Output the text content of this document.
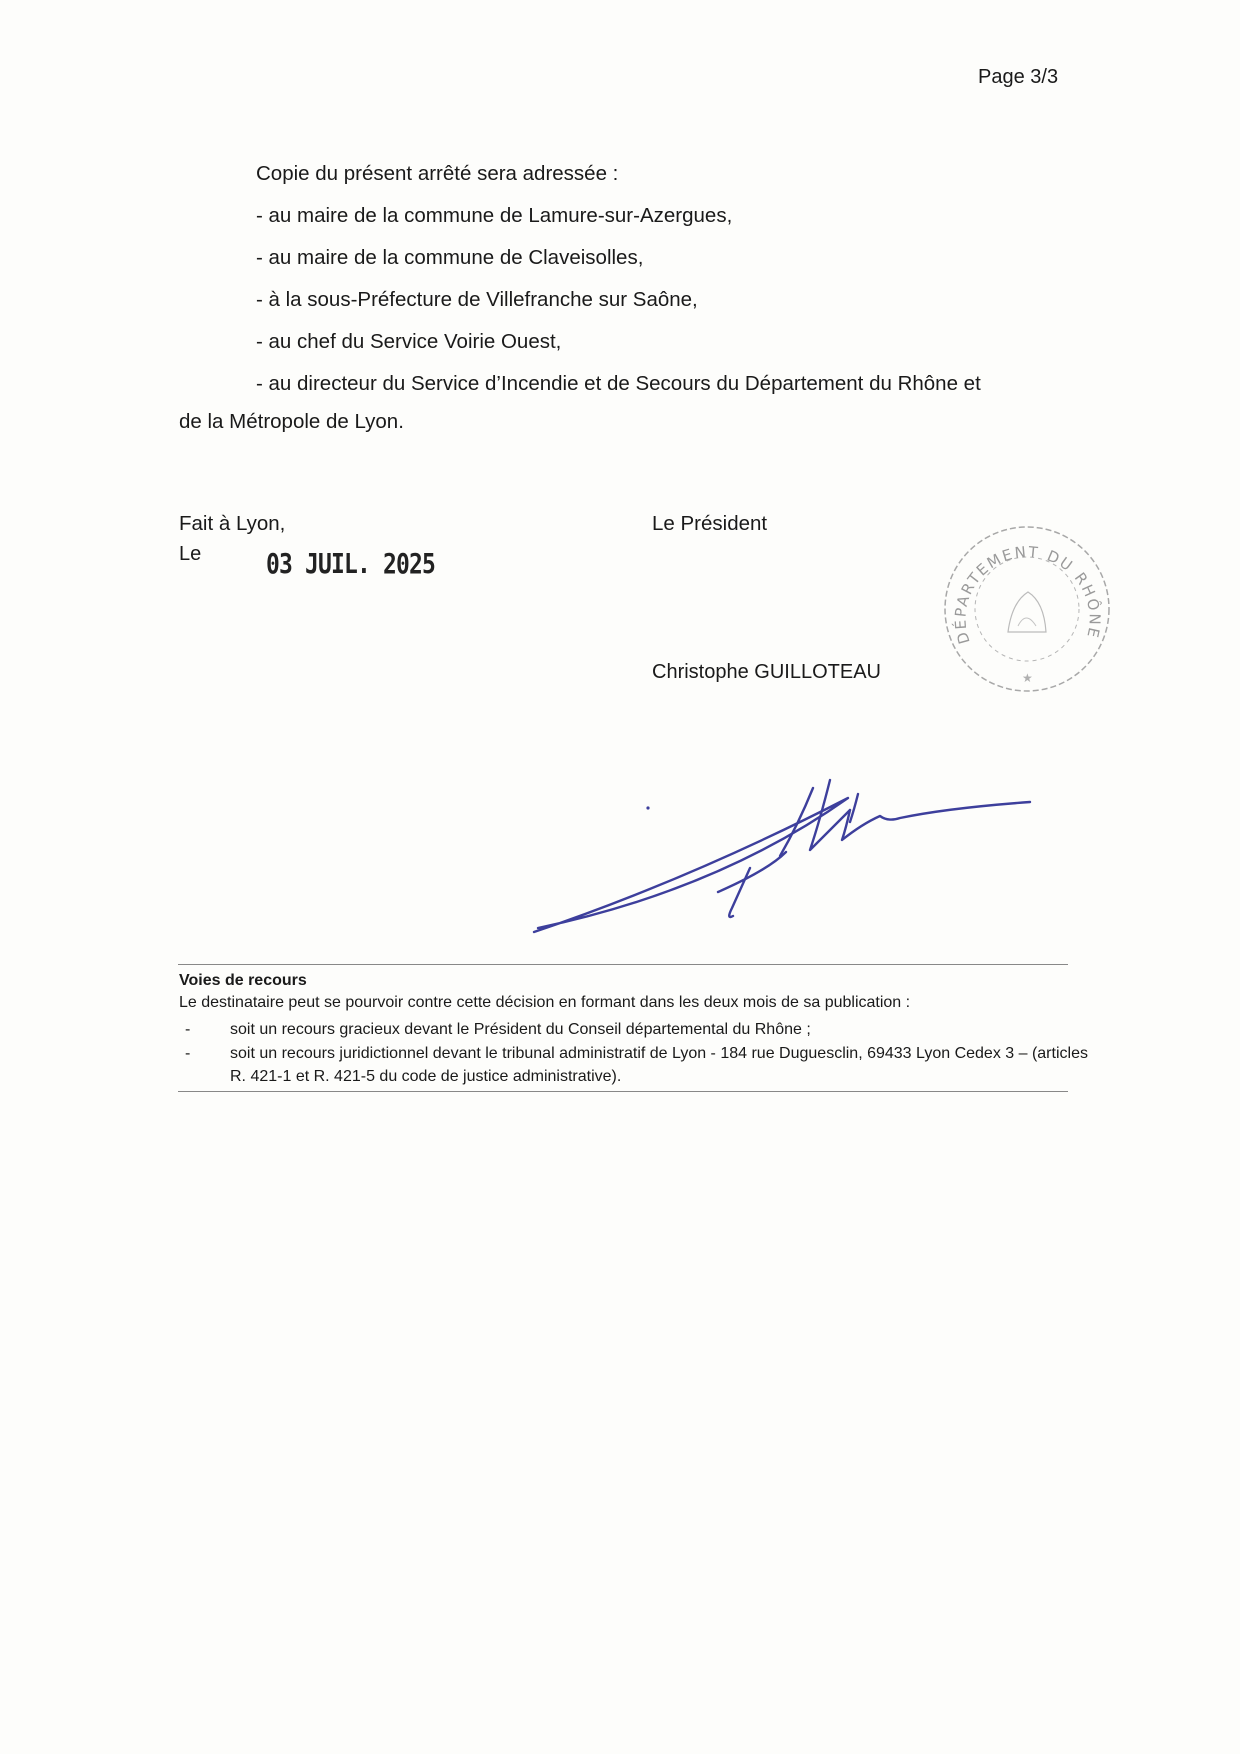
Page 3/3
Copie du présent arrêté sera adressée :
- au maire de la commune de Lamure-sur-Azergues,
- au maire de la commune de Claveisolles,
- à la sous-Préfecture de Villefranche sur Saône,
- au chef du Service Voirie Ouest,
- au directeur du Service d’Incendie et de Secours du Département du Rhône et
de la Métropole de Lyon.
Fait à Lyon,
Le 03 JUIL. 2025
Le Président
Christophe GUILLOTEAU
DÉPARTEMENT DU RHÔNE
★
Voies de recours
Le destinataire peut se pourvoir contre cette décision en formant dans les deux mois de sa publication :
- soit un recours gracieux devant le Président du Conseil départemental du Rhône ;
- soit un recours juridictionnel devant le tribunal administratif de Lyon - 184 rue Duguesclin, 69433 Lyon Cedex 3 – (articles R. 421-1 et R. 421-5 du code de justice administrative).
